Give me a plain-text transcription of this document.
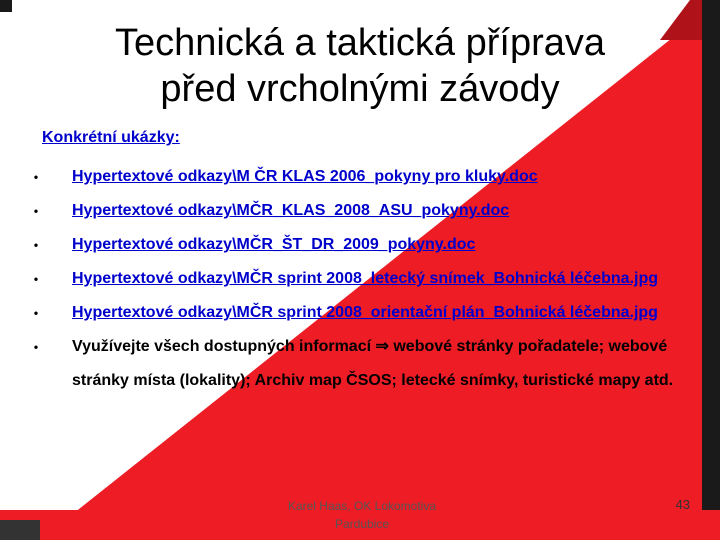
Technická a taktická příprava
před vrcholnými závody
Konkrétní ukázky:
• Hypertextové odkazy\M ČR KLAS 2006_pokyny pro kluky.doc
• Hypertextové odkazy\MČR_KLAS_2008_ASU_pokyny.doc
• Hypertextové odkazy\MČR_ŠT_DR_2009_pokyny.doc
• Hypertextové odkazy\MČR sprint 2008_letecký snímek_Bohnická léčebna.jpg
• Hypertextové odkazy\MČR sprint 2008_orientační plán_Bohnická léčebna.jpg
• Využívejte všech dostupných informací ⇒ webové stránky pořadatele; webové stránky místa (lokality); Archiv map ČSOS; letecké snímky, turistické mapy atd.
Karel Haas, OK Lokomotiva
Pardubice
43
